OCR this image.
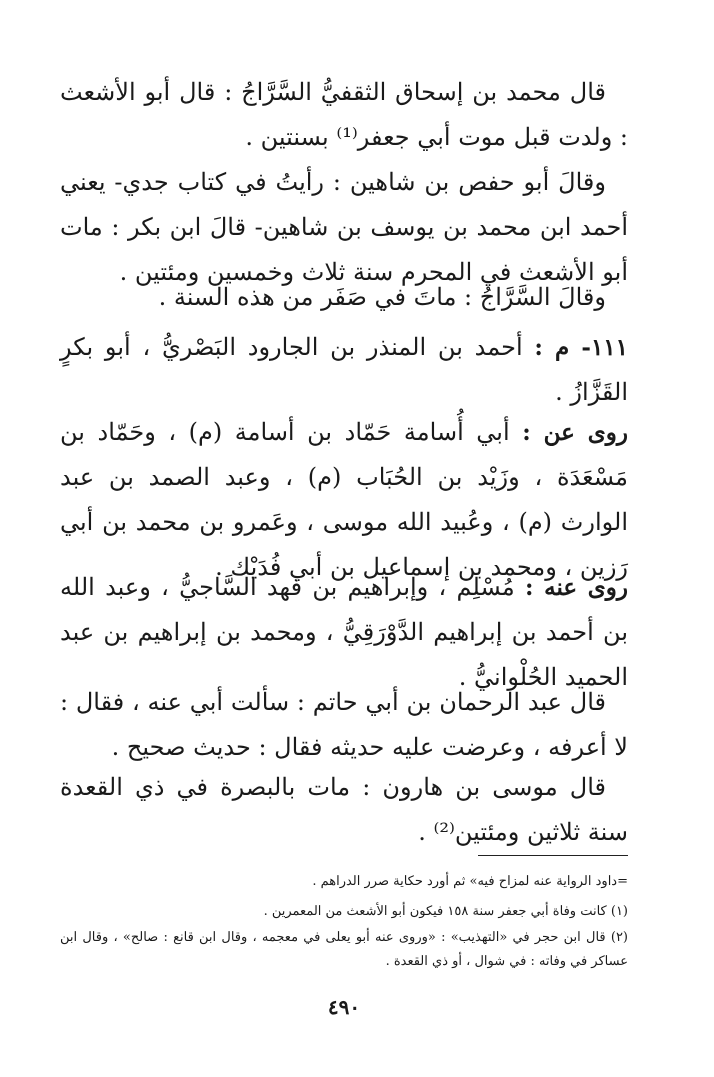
قال محمد بن إسحاق الثقفيُّ السَّرَّاجُ : قال أبو الأشعث : ولدت قبل موت أبي جعفر⁽¹⁾ بسنتين .
وقالَ أبو حفص بن شاهين : رأيتُ في كتاب جدي- يعني أحمد ابن محمد بن يوسف بن شاهين- قالَ ابن بكر : مات أبو الأشعث في المحرم سنة ثلاث وخمسين ومئتين .
وقالَ السَّرَّاجُ : ماتَ في صَفَر من هذه السنة .
١١١- م : أحمد بن المنذر بن الجارود البَصْريُّ ، أبو بكرٍ القَزَّازُ .
روى عن : أبي أُسامة حَمّاد بن أسامة (م) ، وحَمّاد بن مَسْعَدَة ، وزَيْد بن الحُبَاب (م) ، وعبد الصمد بن عبد الوارث (م) ، وعُبيد الله موسى ، وعَمرو بن محمد بن أبي رَزين ، ومحمد بن إسماعيل بن أبي فُدَيْك .
روى عنه : مُسْلِم ، وإبراهيم بن فهد السَّاجيُّ ، وعبد الله بن أحمد بن إبراهيم الدَّوْرَقِيُّ ، ومحمد بن إبراهيم بن عبد الحميد الحُلْوانيُّ .
قال عبد الرحمان بن أبي حاتم : سألت أبي عنه ، فقال : لا أعرفه ، وعرضت عليه حديثه فقال : حديث صحيح .
قال موسى بن هارون : مات بالبصرة في ذي القعدة سنة ثلاثين ومئتين⁽²⁾ .
=داود الرواية عنه لمزاح فيه» ثم أورد حكاية صرر الدراهم .
(١) كانت وفاة أبي جعفر سنة ١٥٨ فيكون أبو الأشعث من المعمرين .
(٢) قال ابن حجر في «التهذيب» : «وروى عنه أبو يعلى في معجمه ، وقال ابن قانع : صالح» ، وقال ابن عساكر في وفاته : في شوال ، أو ذي القعدة .
٤٩٠
